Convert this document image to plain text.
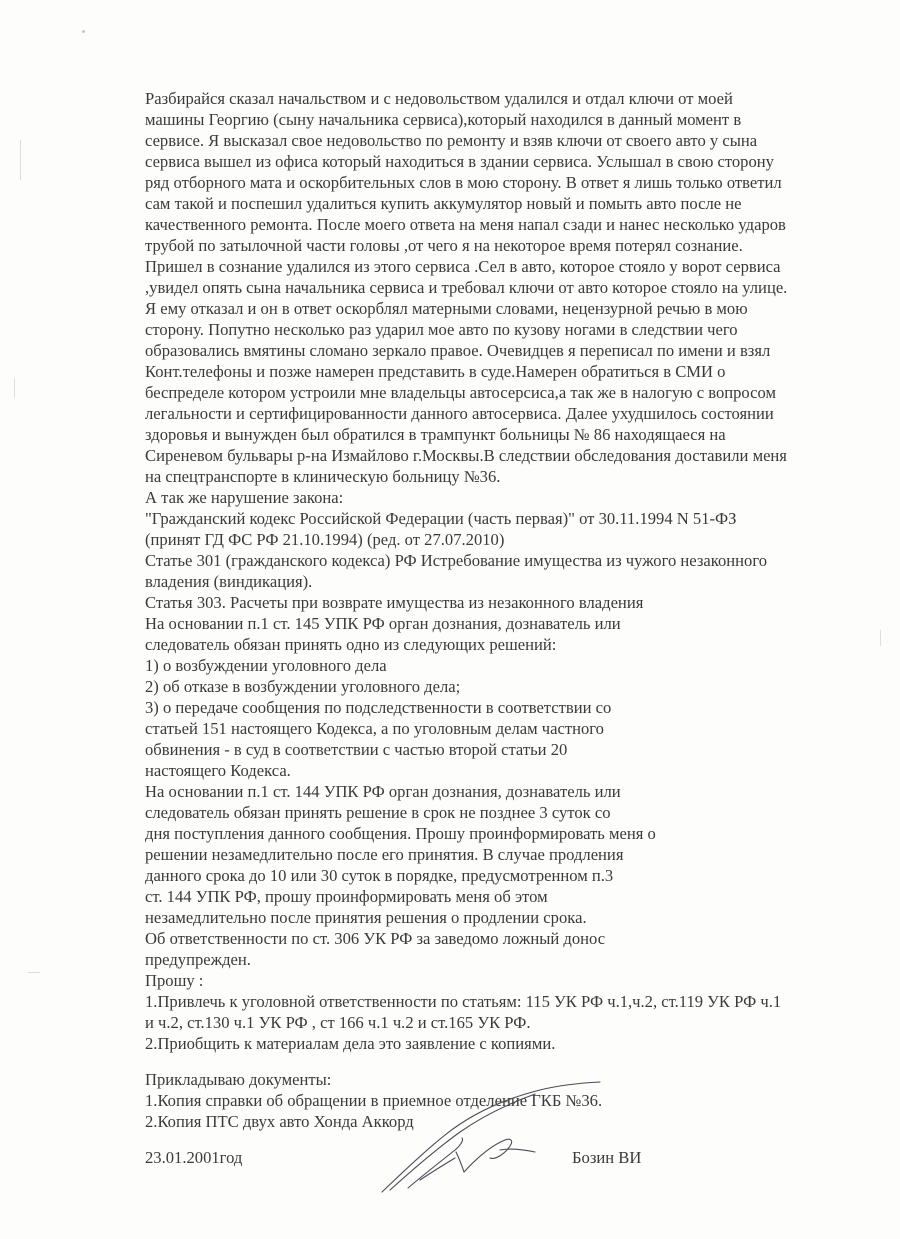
Разбирайся сказал начальством и с недовольством удалился и отдал ключи от моей
машины Георгию (сыну начальника сервиса),который находился в данный момент в
сервисе. Я высказал свое недовольство по ремонту и взяв ключи от своего авто у сына
сервиса вышел из офиса который находиться в здании сервиса. Услышал в свою сторону
ряд отборного мата и оскорбительных слов в мою сторону. В ответ я лишь только ответил
сам такой и поспешил удалиться купить аккумулятор новый и помыть авто после не
качественного ремонта. После моего ответа на меня напал сзади и нанес несколько ударов
трубой по затылочной части головы ,от чего я на некоторое время потерял сознание.
Пришел в сознание удалился из этого сервиса .Сел в авто, которое стояло у ворот сервиса
,увидел опять сына начальника сервиса и требовал ключи от авто которое стояло на улице.
Я ему отказал и он в ответ оскорблял матерными словами, нецензурной речью в мою
сторону. Попутно несколько раз ударил мое авто по кузову ногами в следствии чего
образовались вмятины сломано зеркало правое. Очевидцев я переписал по имени и взял
Конт.телефоны и позже намерен представить в суде.Намерен обратиться в СМИ о
беспределе котором устроили мне владельцы автосерсиса,а так же в налогую с вопросом
легальности и сертифицированности данного автосервиса. Далее ухудшилось состоянии
здоровья и вынужден был обратился в трампункт больницы № 86 находящаеся на
Сиреневом бульвары р-на Измайлово г.Москвы.В следствии обследования доставили меня
на спецтранспорте в клиническую больницу №36.
А так же нарушение закона:
"Гражданский кодекс Российской Федерации (часть первая)" от 30.11.1994 N 51-ФЗ
(принят ГД ФС РФ 21.10.1994) (ред. от 27.07.2010)
Статье 301 (гражданского кодекса) РФ Истребование имущества из чужого незаконного
владения (виндикация).
Статья 303. Расчеты при возврате имущества из незаконного владения
На основании п.1 ст. 145 УПК РФ орган дознания, дознаватель или
следователь обязан принять одно из следующих решений:
1) о возбуждении уголовного дела
2) об отказе в возбуждении уголовного дела;
3) о передаче сообщения по подследственности в соответствии со
статьей 151 настоящего Кодекса, а по уголовным делам частного
обвинения - в суд в соответствии с частью второй статьи 20
настоящего Кодекса.
На основании п.1 ст. 144 УПК РФ орган дознания, дознаватель или
следователь обязан принять решение в срок не позднее 3 суток со
дня поступления данного сообщения. Прошу проинформировать меня о
решении незамедлительно после его принятия. В случае продления
данного срока до 10 или 30 суток в порядке, предусмотренном п.3
ст. 144 УПК РФ, прошу проинформировать меня об этом
незамедлительно после принятия решения о продлении срока.
Об ответственности по ст. 306 УК РФ за заведомо ложный донос
предупрежден.
Прошу :
1.Привлечь к уголовной ответственности по статьям: 115 УК РФ ч.1,ч.2, ст.119 УК РФ ч.1
и ч.2, ст.130 ч.1 УК РФ , ст 166 ч.1 ч.2 и ст.165 УК РФ.
2.Приобщить к материалам дела это заявление с копиями.
Прикладываю документы:
1.Копия справки об обращении в приемное отделение ГКБ №36.
2.Копия ПТС двух авто Хонда Аккорд
23.01.2001год	Бозин ВИ
